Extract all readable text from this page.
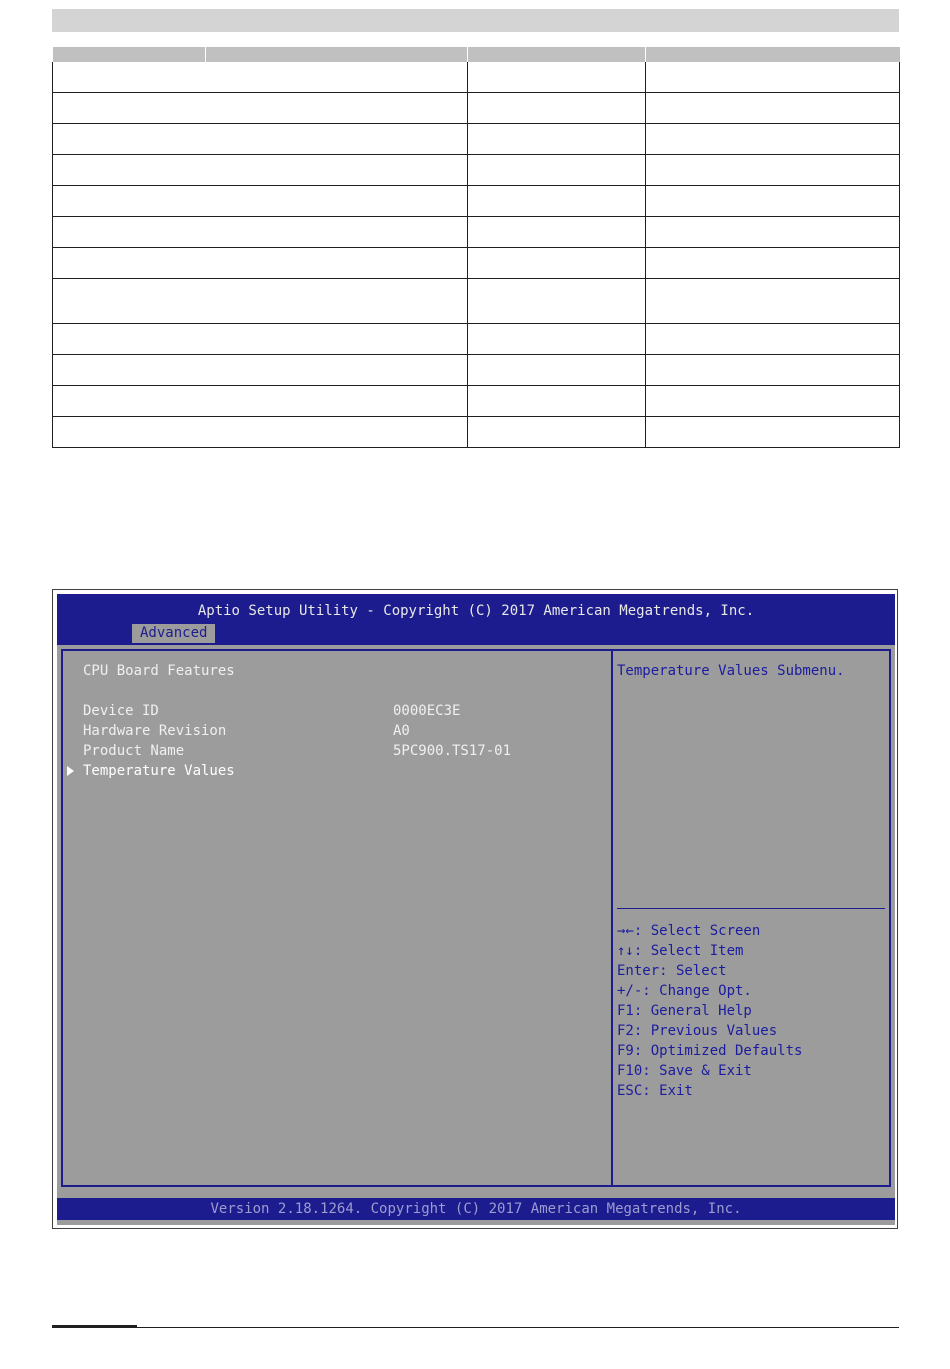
Aptio Setup Utility - Copyright (C) 2017 American Megatrends, Inc.
Advanced
CPU Board Features
Device ID	0000EC3E
Hardware Revision	A0
Product Name	5PC900.TS17-01
Temperature Values
Temperature Values Submenu.
→←: Select Screen
↑↓: Select Item
Enter: Select
+/-: Change Opt.
F1: General Help
F2: Previous Values
F9: Optimized Defaults
F10: Save & Exit
ESC: Exit
Version 2.18.1264. Copyright (C) 2017 American Megatrends, Inc.
